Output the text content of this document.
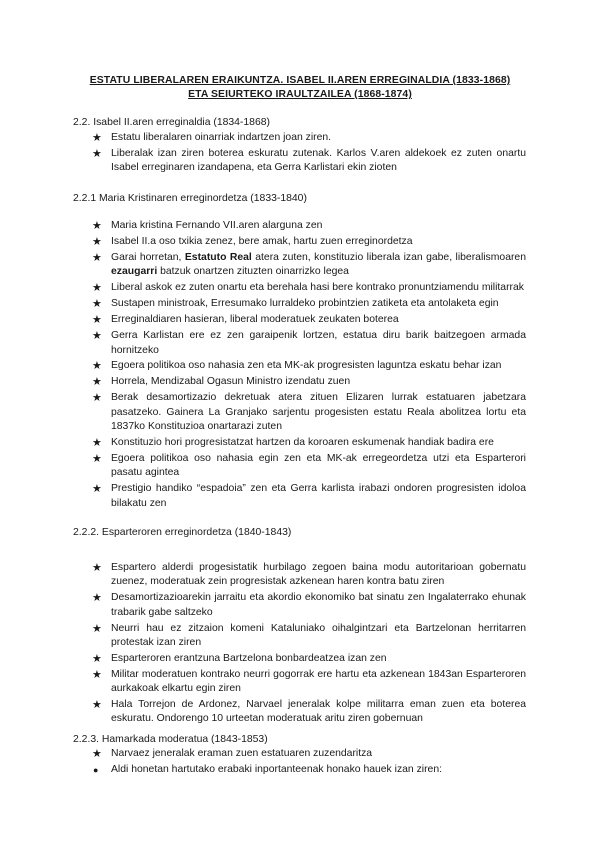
ESTATU LIBERALAREN ERAIKUNTZA. ISABEL II.AREN ERREGINALDIA (1833-1868)
ETA SEIURTEKO IRAULTZAILEA (1868-1874)
2.2. Isabel II.aren erreginaldia (1834-1868)
★ Estatu liberalaren oinarriak indartzen joan ziren.
★ Liberalak izan ziren boterea eskuratu zutenak. Karlos V.aren aldekoek ez zuten onartu Isabel erreginaren izandapena, eta Gerra Karlistari ekin zioten
2.2.1 Maria Kristinaren erreginordetza (1833-1840)
★ Maria kristina Fernando VII.aren alarguna zen
★ Isabel II.a oso txikia zenez, bere amak, hartu zuen erreginordetza
★ Garai horretan, Estatuto Real atera zuten, konstituzio liberala izan gabe, liberalismoaren ezaugarri batzuk onartzen zituzten oinarrizko legea
★ Liberal askok ez zuten onartu eta berehala hasi bere kontrako pronuntziamendu militarrak
★ Sustapen ministroak, Erresumako lurraldeko probintzien zatiketa eta antolaketa egin
★ Erreginaldiaren hasieran, liberal moderatuek zeukaten boterea
★ Gerra Karlistan ere ez zen garaipenik lortzen, estatua diru barik baitzegoen armada hornitzeko
★ Egoera politikoa oso nahasia zen eta MK-ak progresisten laguntza eskatu behar izan
★ Horrela, Mendizabal Ogasun Ministro izendatu zuen
★ Berak desamortizazio dekretuak atera zituen Elizaren lurrak estatuaren jabetzara pasatzeko. Gainera La Granjako sarjentu progesisten estatu Reala abolitzea lortu eta 1837ko Konstituzioa onartarazi zuten
★ Konstituzio hori progresistatzat hartzen da koroaren eskumenak handiak badira ere
★ Egoera politikoa oso nahasia egin zen eta MK-ak erregeordetza utzi eta Esparterori pasatu agintea
★ Prestigio handiko “espadoia” zen eta Gerra karlista irabazi ondoren progresisten idoloa bilakatu zen
2.2.2. Esparteroren erreginordetza (1840-1843)
★ Espartero alderdi progesistatik hurbilago zegoen baina modu autoritarioan gobernatu zuenez, moderatuak zein progresistak azkenean haren kontra batu ziren
★ Desamortizazioarekin jarraitu eta akordio ekonomiko bat sinatu zen Ingalaterrako ehunak trabarik gabe saltzeko
★ Neurri hau ez zitzaion komeni Kataluniako oihalgintzari eta Bartzelonan herritarren protestak izan ziren
★ Esparteroren erantzuna Bartzelona bonbardeatzea izan zen
★ Militar moderatuen kontrako neurri gogorrak ere hartu eta azkenean 1843an Esparteroren aurkakoak elkartu egin ziren
★ Hala Torrejon de Ardonez, Narvael jeneralak kolpe militarra eman zuen eta boterea eskuratu. Ondorengo 10 urteetan moderatuak aritu ziren gobernuan
2.2.3. Hamarkada moderatua (1843-1853)
★ Narvaez jeneralak eraman zuen estatuaren zuzendaritza
● Aldi honetan hartutako erabaki inportanteenak honako hauek izan ziren:
